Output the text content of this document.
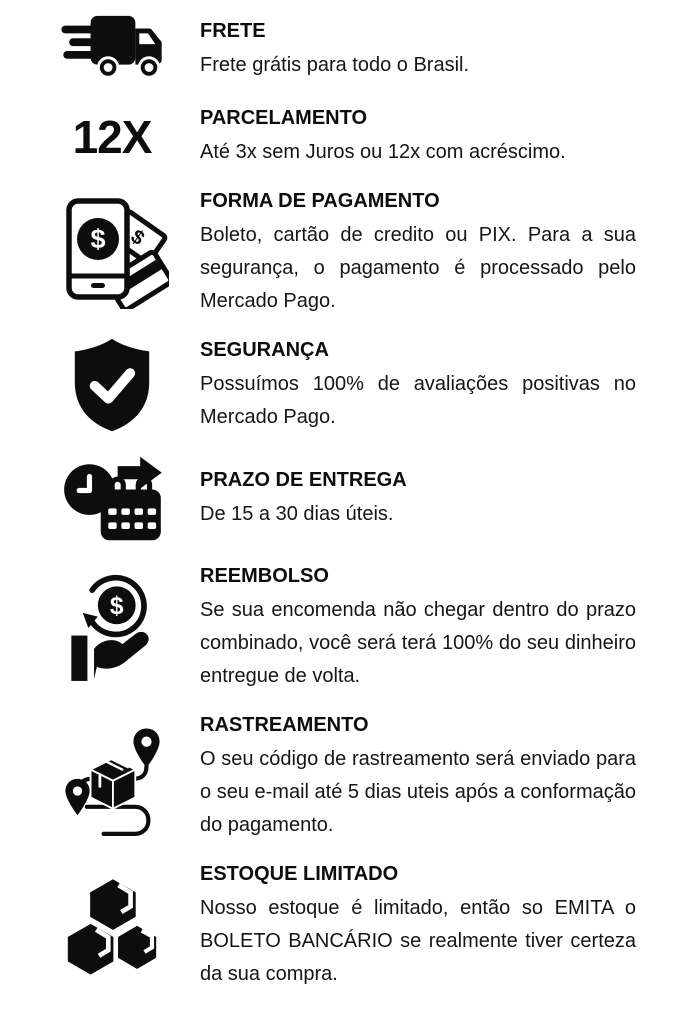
FRETE
Frete grátis para todo o Brasil.
12X PARCELAMENTO
Até 3x sem Juros ou 12x com acréscimo.
$
$
FORMA DE PAGAMENTO
Boleto, cartão de credito ou PIX. Para a sua segurança, o pagamento é processado pelo Mercado Pago.
SEGURANÇA
Possuímos 100% de avaliações positivas no Mercado Pago.
PRAZO DE ENTREGA
De 15 a 30 dias úteis.
$
REEMBOLSO
Se sua encomenda não chegar dentro do prazo combinado, você será terá 100% do seu dinheiro entregue de volta.
RASTREAMENTO
O seu código de rastreamento será enviado para o seu e-mail até 5 dias uteis após a conformação do pagamento.
ESTOQUE LIMITADO
Nosso estoque é limitado, então so EMITA o BOLETO BANCÁRIO se realmente tiver certeza da sua compra.
